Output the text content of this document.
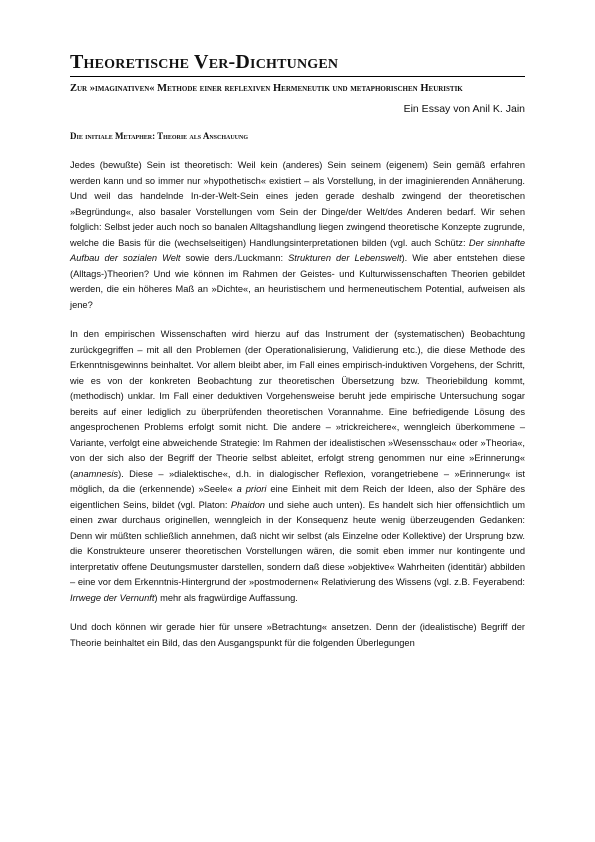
Theoretische Ver-Dichtungen

Zur »imaginativen« Methode einer reflexiven Hermeneutik und metaphorischen Heuristik

Ein Essay von Anil K. Jain

Die initiale Metapher: Theorie als Anschauung

Jedes (bewußte) Sein ist theoretisch: Weil kein (anderes) Sein seinem (eigenem) Sein gemäß erfahren werden kann und so immer nur »hypothetisch« existiert – als Vorstellung, in der imaginierenden Annäherung. Und weil das handelnde In-der-Welt-Sein eines jeden gerade deshalb zwingend der theoretischen »Begründung«, also basaler Vorstellungen vom Sein der Dinge/der Welt/des Anderen bedarf. Wir sehen folglich: Selbst jeder auch noch so banalen Alltagshandlung liegen zwingend theoretische Konzepte zugrunde, welche die Basis für die (wechselseitigen) Handlungsinterpretationen bilden (vgl. auch Schütz: Der sinnhafte Aufbau der sozialen Welt sowie ders./Luckmann: Strukturen der Lebenswelt). Wie aber entstehen diese (Alltags-)Theorien? Und wie können im Rahmen der Geistes- und Kulturwissenschaften Theorien gebildet werden, die ein höheres Maß an »Dichte«, an heuristischem und hermeneutischem Potential, aufweisen als jene?

In den empirischen Wissenschaften wird hierzu auf das Instrument der (systematischen) Beobachtung zurückgegriffen – mit all den Problemen (der Operationalisierung, Validierung etc.), die diese Methode des Erkenntnisgewinns beinhaltet. Vor allem bleibt aber, im Fall eines empirisch-induktiven Vorgehens, der Schritt, wie es von der konkreten Beobachtung zur theoretischen Übersetzung bzw. Theoriebildung kommt, (methodisch) unklar. Im Fall einer deduktiven Vorgehensweise beruht jede empirische Untersuchung sogar bereits auf einer lediglich zu überprüfenden theoretischen Vorannahme. Eine befriedigende Lösung des angesprochenen Problems erfolgt somit nicht. Die andere – »trickreichere«, wenngleich überkommene – Variante, verfolgt eine abweichende Strategie: Im Rahmen der idealistischen »Wesensschau« oder »Theoria«, von der sich also der Begriff der Theorie selbst ableitet, erfolgt streng genommen nur eine »Erinnerung« (anamnesis). Diese – »dialektische«, d.h. in dialogischer Reflexion, vorangetriebene – »Erinnerung« ist möglich, da die (erkennende) »Seele« a priori eine Einheit mit dem Reich der Ideen, also der Sphäre des eigentlichen Seins, bildet (vgl. Platon: Phaidon und siehe auch unten). Es handelt sich hier offensichtlich um einen zwar durchaus originellen, wenngleich in der Konsequenz heute wenig überzeugenden Gedanken: Denn wir müßten schließlich annehmen, daß nicht wir selbst (als Einzelne oder Kollektive) der Ursprung bzw. die Konstrukteure unserer theoretischen Vorstellungen wären, die somit eben immer nur kontingente und interpretativ offene Deutungsmuster darstellen, sondern daß diese »objektive« Wahrheiten (identitär) abbilden – eine vor dem Erkenntnis-Hintergrund der »postmodernen« Relativierung des Wissens (vgl. z.B. Feyerabend: Irrwege der Vernunft) mehr als fragwürdige Auffassung.

Und doch können wir gerade hier für unsere »Betrachtung« ansetzen. Denn der (idealistische) Begriff der Theorie beinhaltet ein Bild, das den Ausgangspunkt für die folgenden Überlegungen
